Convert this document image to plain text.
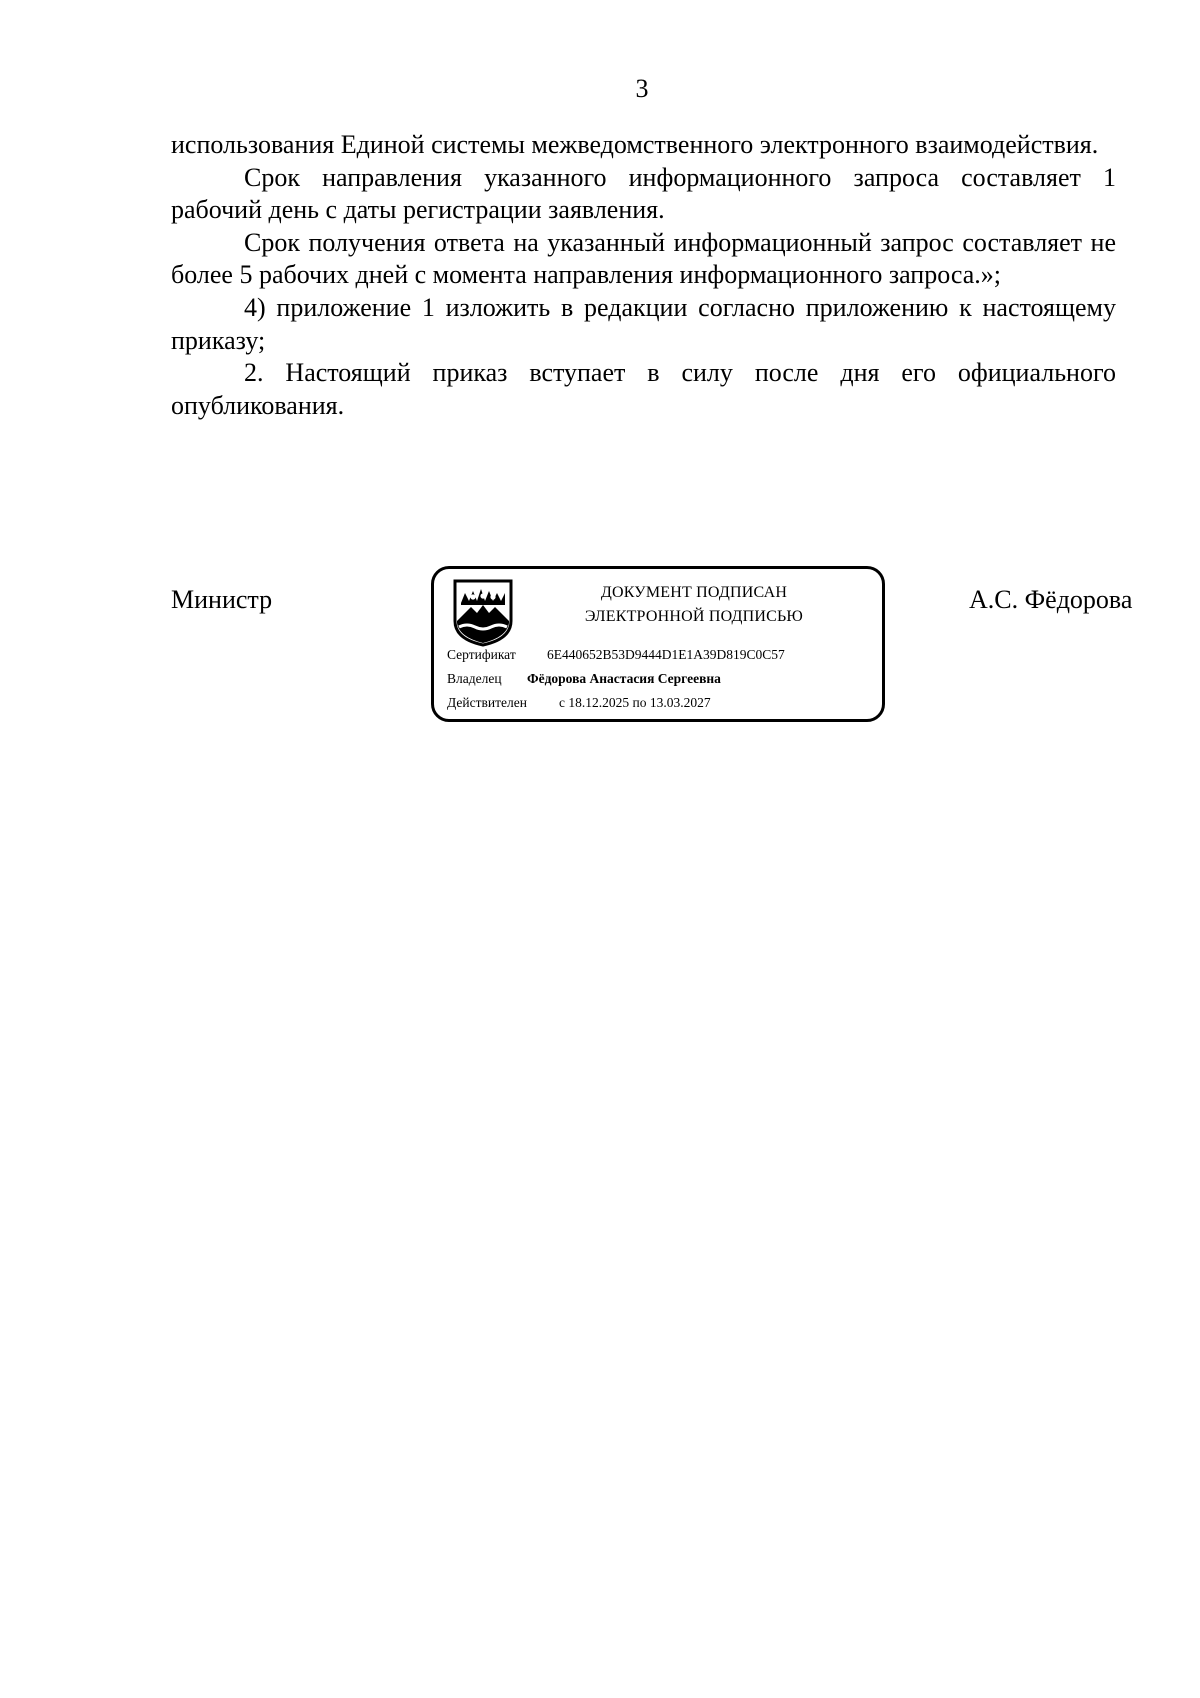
3

использования Единой системы межведомственного электронного взаимодействия.

Срок направления указанного информационного запроса составляет 1 рабочий день с даты регистрации заявления.

Срок получения ответа на указанный информационный запрос составляет не более 5 рабочих дней с момента направления информационного запроса.»;

4) приложение 1 изложить в редакции согласно приложению к настоящему приказу;

2. Настоящий приказ вступает в силу после дня его официального опубликования.

Министр	ДОКУМЕНТ ПОДПИСАН
ЭЛЕКТРОННОЙ ПОДПИСЬЮ
Сертификат 6E440652B53D9444D1E1A39D819C0C57
Владелец Фёдорова Анастасия Сергеевна
Действителен с 18.12.2025 по 13.03.2027
А.С. Фёдорова
